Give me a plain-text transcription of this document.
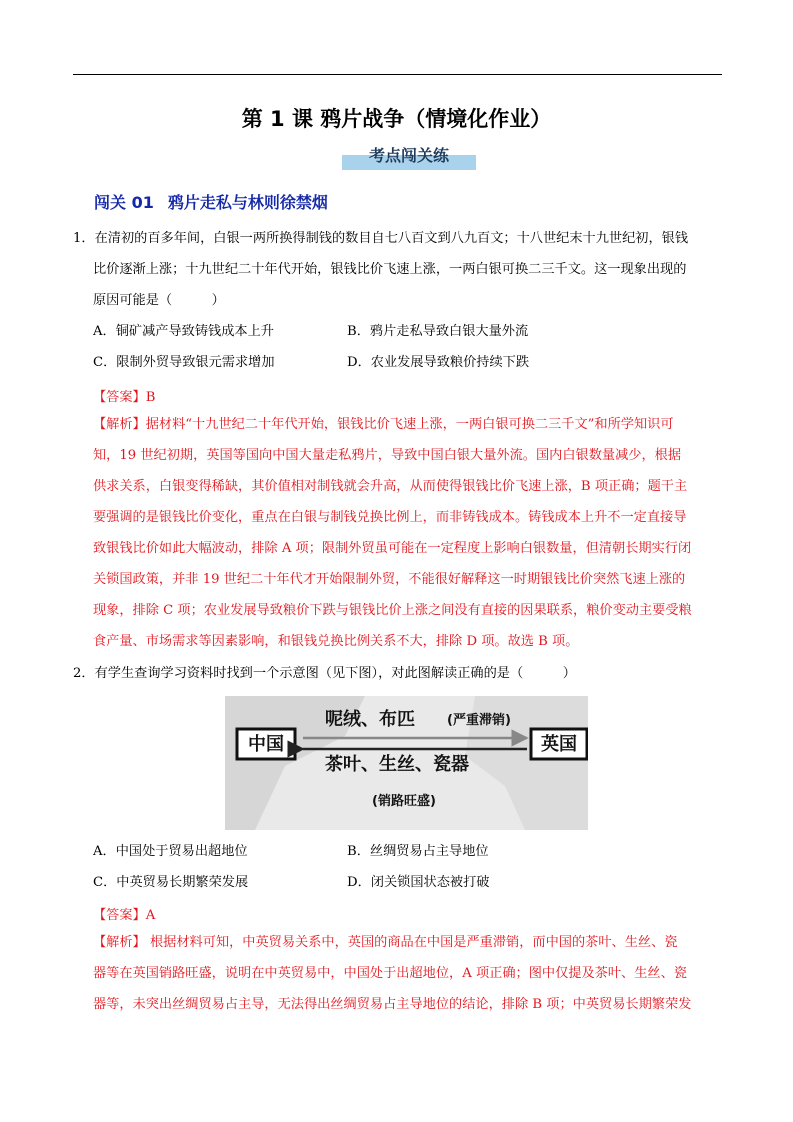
第 1 课 鸦片战争（情境化作业）
考点闯关练
闯关 01 鸦片走私与林则徐禁烟
1．在清初的百多年间，白银一两所换得制钱的数目自七八百文到八九百文；十八世纪末十九世纪初，银钱
比价逐渐上涨；十九世纪二十年代开始，银钱比价飞速上涨，一两白银可换二三千文。这一现象出现的
原因可能是（　　　）
A．铜矿减产导致铸钱成本上升	B．鸦片走私导致白银大量外流
C．限制外贸导致银元需求增加	D．农业发展导致粮价持续下跌
【答案】B
【解析】据材料“十九世纪二十年代开始，银钱比价飞速上涨，一两白银可换二三千文”和所学知识可
知，19 世纪初期，英国等国向中国大量走私鸦片，导致中国白银大量外流。国内白银数量减少，根据
供求关系，白银变得稀缺，其价值相对制钱就会升高，从而使得银钱比价飞速上涨，B 项正确；题干主
要强调的是银钱比价变化，重点在白银与制钱兑换比例上，而非铸钱成本。铸钱成本上升不一定直接导
致银钱比价如此大幅波动，排除 A 项；限制外贸虽可能在一定程度上影响白银数量，但清朝长期实行闭
关锁国政策，并非 19 世纪二十年代才开始限制外贸，不能很好解释这一时期银钱比价突然飞速上涨的
现象，排除 C 项；农业发展导致粮价下跌与银钱比价上涨之间没有直接的因果联系，粮价变动主要受粮
食产量、市场需求等因素影响，和银钱兑换比例关系不大，排除 D 项。故选 B 项。
2．有学生查询学习资料时找到一个示意图（见下图），对此图解读正确的是（　　　）
中国	英国
呢绒、布匹 (严重滞销)
茶叶、生丝、瓷器
(销路旺盛)
A．中国处于贸易出超地位	B．丝绸贸易占主导地位
C．中英贸易长期繁荣发展	D．闭关锁国状态被打破
【答案】A
【解析】 根据材料可知，中英贸易关系中，英国的商品在中国是严重滞销，而中国的茶叶、生丝、瓷
器等在英国销路旺盛，说明在中英贸易中，中国处于出超地位，A 项正确；图中仅提及茶叶、生丝、瓷
器等，未突出丝绸贸易占主导，无法得出丝绸贸易占主导地位的结论，排除 B 项；中英贸易长期繁荣发
